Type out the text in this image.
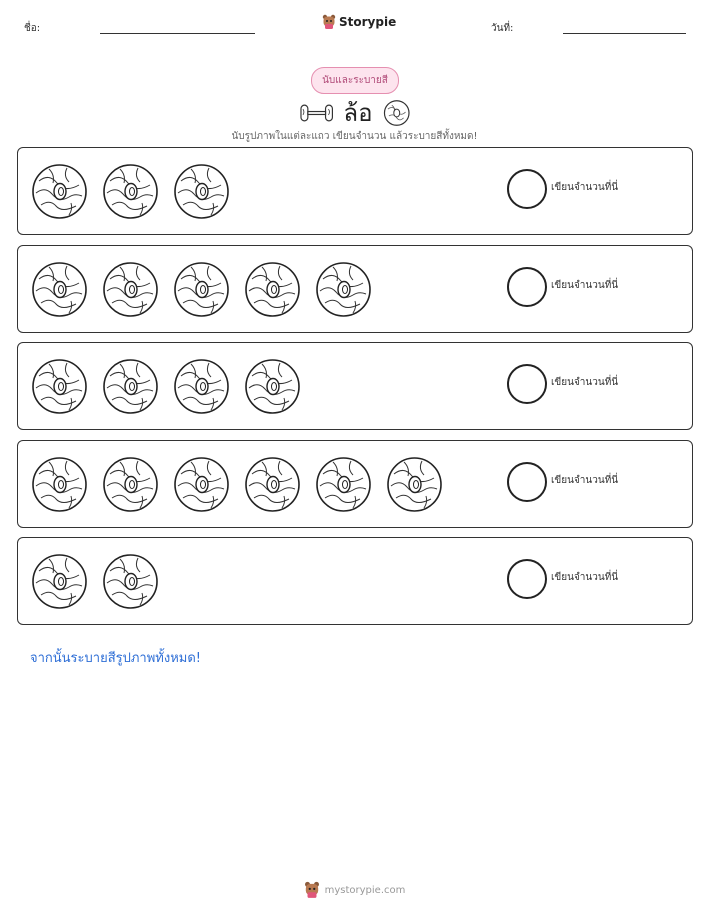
ชื่อ:	Storypie	วันที่:
นับและระบายสี
ล้อ
นับรูปภาพในแต่ละแถว เขียนจำนวน แล้วระบายสีทั้งหมด!
เขียนจำนวนที่นี่
เขียนจำนวนที่นี่
เขียนจำนวนที่นี่
เขียนจำนวนที่นี่
เขียนจำนวนที่นี่
จากนั้นระบายสีรูปภาพทั้งหมด!
mystorypie.com
